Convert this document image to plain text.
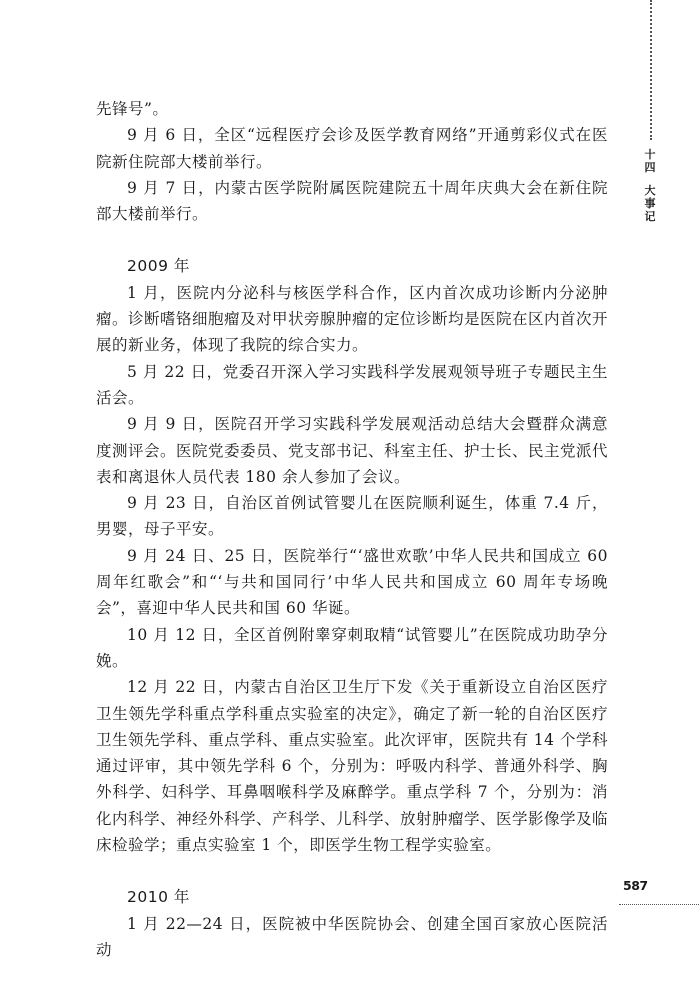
十
四
大
事
记

先锋号”。

9 月 6 日，全区“远程医疗会诊及医学教育网络”开通剪彩仪式在医院新住院部大楼前举行。

9 月 7 日，内蒙古医学院附属医院建院五十周年庆典大会在新住院部大楼前举行。

2009 年

1 月，医院内分泌科与核医学科合作，区内首次成功诊断内分泌肿瘤。诊断嗜铬细胞瘤及对甲状旁腺肿瘤的定位诊断均是医院在区内首次开展的新业务，体现了我院的综合实力。

5 月 22 日，党委召开深入学习实践科学发展观领导班子专题民主生活会。

9 月 9 日，医院召开学习实践科学发展观活动总结大会暨群众满意度测评会。医院党委委员、党支部书记、科室主任、护士长、民主党派代表和离退休人员代表 180 余人参加了会议。

9 月 23 日，自治区首例试管婴儿在医院顺利诞生，体重 7.4 斤，男婴，母子平安。

9 月 24 日、25 日，医院举行“‘盛世欢歌’中华人民共和国成立 60 周年红歌会”和“‘与共和国同行’中华人民共和国成立 60 周年专场晚会”，喜迎中华人民共和国 60 华诞。

10 月 12 日，全区首例附睾穿刺取精“试管婴儿”在医院成功助孕分娩。

12 月 22 日，内蒙古自治区卫生厅下发《关于重新设立自治区医疗卫生领先学科重点学科重点实验室的决定》，确定了新一轮的自治区医疗卫生领先学科、重点学科、重点实验室。此次评审，医院共有 14 个学科通过评审，其中领先学科 6 个，分别为：呼吸内科学、普通外科学、胸外科学、妇科学、耳鼻咽喉科学及麻醉学。重点学科 7 个，分别为：消化内科学、神经外科学、产科学、儿科学、放射肿瘤学、医学影像学及临床检验学；重点实验室 1 个，即医学生物工程学实验室。

2010 年

1 月 22—24 日，医院被中华医院协会、创建全国百家放心医院活动

587
